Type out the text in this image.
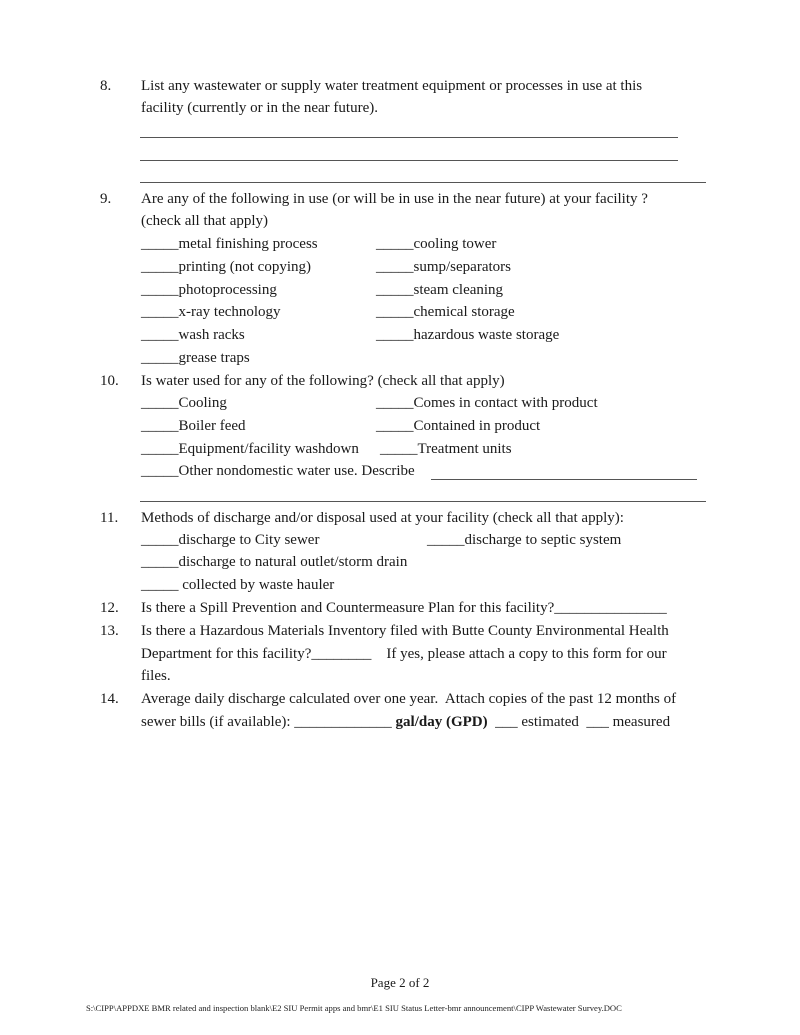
8. List any wastewater or supply water treatment equipment or processes in use at this
facility (currently or in the near future).
9. Are any of the following in use (or will be in use in the near future) at your facility ?
(check all that apply)
_____metal finishing process
_____printing (not copying)
_____photoprocessing
_____x-ray technology
_____wash racks
_____grease traps
_____cooling tower
_____sump/separators
_____steam cleaning
_____chemical storage
_____hazardous waste storage
10. Is water used for any of the following? (check all that apply)
_____Cooling
_____Boiler feed
_____Equipment/facility washdown
_____Comes in contact with product
_____Contained in product
_____Treatment units
_____Other nondomestic water use. Describe
11. Methods of discharge and/or disposal used at your facility (check all that apply):
_____discharge to City sewer	_____discharge to septic system
_____discharge to natural outlet/storm drain
_____ collected by waste hauler
12. Is there a Spill Prevention and Countermeasure Plan for this facility?_______________
13. Is there a Hazardous Materials Inventory filed with Butte County Environmental Health
Department for this facility?________    If yes, please attach a copy to this form for our
files.
14. Average daily discharge calculated over one year.  Attach copies of the past 12 months of
sewer bills (if available): _____________ gal/day (GPD)  ___ estimated  ___ measured
Page 2 of 2
S:\CIPP\APPDXE BMR related and inspection blank\E2 SIU Permit apps and bmr\E1 SIU Status Letter-bmr announcement\CIPP Wastewater Survey.DOC
